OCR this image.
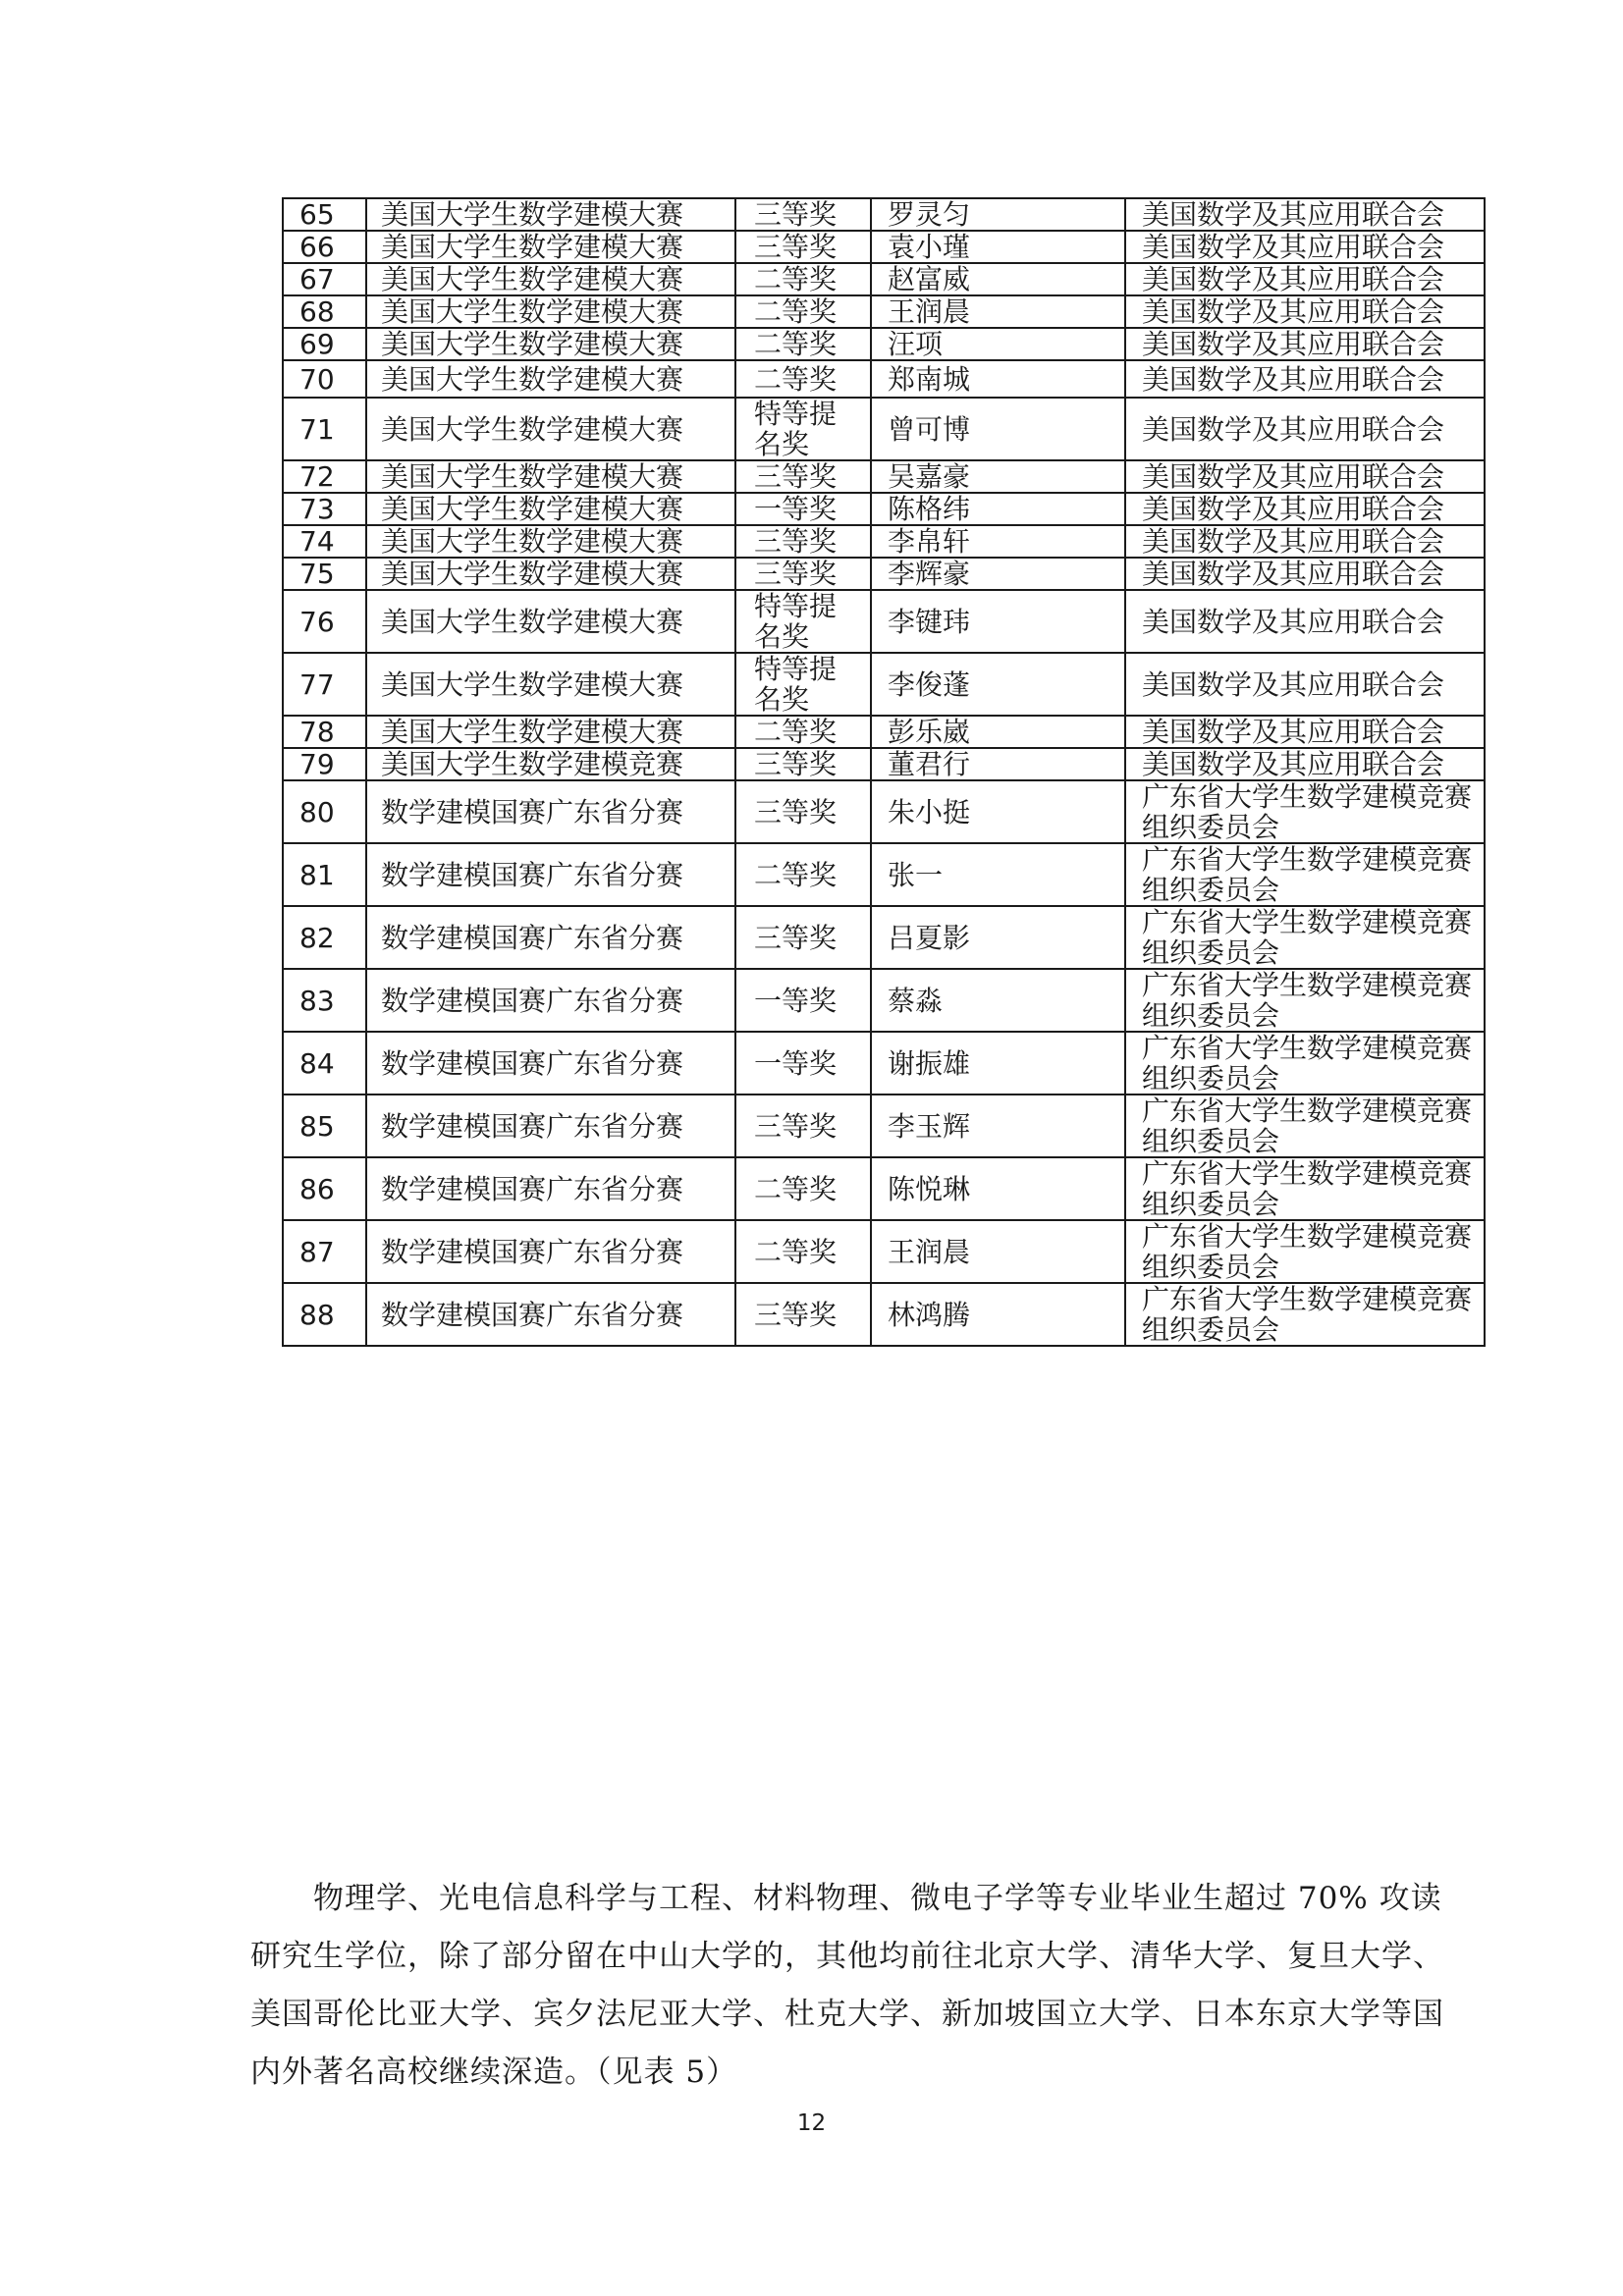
65	美国大学生数学建模大赛	三等奖	罗灵匀	美国数学及其应用联合会
66	美国大学生数学建模大赛	三等奖	袁小瑾	美国数学及其应用联合会
67	美国大学生数学建模大赛	二等奖	赵富威	美国数学及其应用联合会
68	美国大学生数学建模大赛	二等奖	王润晨	美国数学及其应用联合会
69	美国大学生数学建模大赛	二等奖	汪项	美国数学及其应用联合会
70	美国大学生数学建模大赛	二等奖	郑南城	美国数学及其应用联合会
71	美国大学生数学建模大赛	特等提名奖	曾可博	美国数学及其应用联合会
72	美国大学生数学建模大赛	三等奖	吴嘉豪	美国数学及其应用联合会
73	美国大学生数学建模大赛	一等奖	陈格纬	美国数学及其应用联合会
74	美国大学生数学建模大赛	三等奖	李帛轩	美国数学及其应用联合会
75	美国大学生数学建模大赛	三等奖	李辉豪	美国数学及其应用联合会
76	美国大学生数学建模大赛	特等提名奖	李键玮	美国数学及其应用联合会
77	美国大学生数学建模大赛	特等提名奖	李俊蓬	美国数学及其应用联合会
78	美国大学生数学建模大赛	二等奖	彭乐崴	美国数学及其应用联合会
79	美国大学生数学建模竞赛	三等奖	董君行	美国数学及其应用联合会
80	数学建模国赛广东省分赛	三等奖	朱小挺	广东省大学生数学建模竞赛组织委员会
81	数学建模国赛广东省分赛	二等奖	张一	广东省大学生数学建模竞赛组织委员会
82	数学建模国赛广东省分赛	三等奖	吕夏影	广东省大学生数学建模竞赛组织委员会
83	数学建模国赛广东省分赛	一等奖	蔡淼	广东省大学生数学建模竞赛组织委员会
84	数学建模国赛广东省分赛	一等奖	谢振雄	广东省大学生数学建模竞赛组织委员会
85	数学建模国赛广东省分赛	三等奖	李玉辉	广东省大学生数学建模竞赛组织委员会
86	数学建模国赛广东省分赛	二等奖	陈悦琳	广东省大学生数学建模竞赛组织委员会
87	数学建模国赛广东省分赛	二等奖	王润晨	广东省大学生数学建模竞赛组织委员会
88	数学建模国赛广东省分赛	三等奖	林鸿腾	广东省大学生数学建模竞赛组织委员会

物理学、光电信息科学与工程、材料物理、微电子学等专业毕业生超过 70% 攻读研究生学位，除了部分留在中山大学的，其他均前往北京大学、清华大学、复旦大学、美国哥伦比亚大学、宾夕法尼亚大学、杜克大学、新加坡国立大学、日本东京大学等国内外著名高校继续深造。（见表 5）

12
